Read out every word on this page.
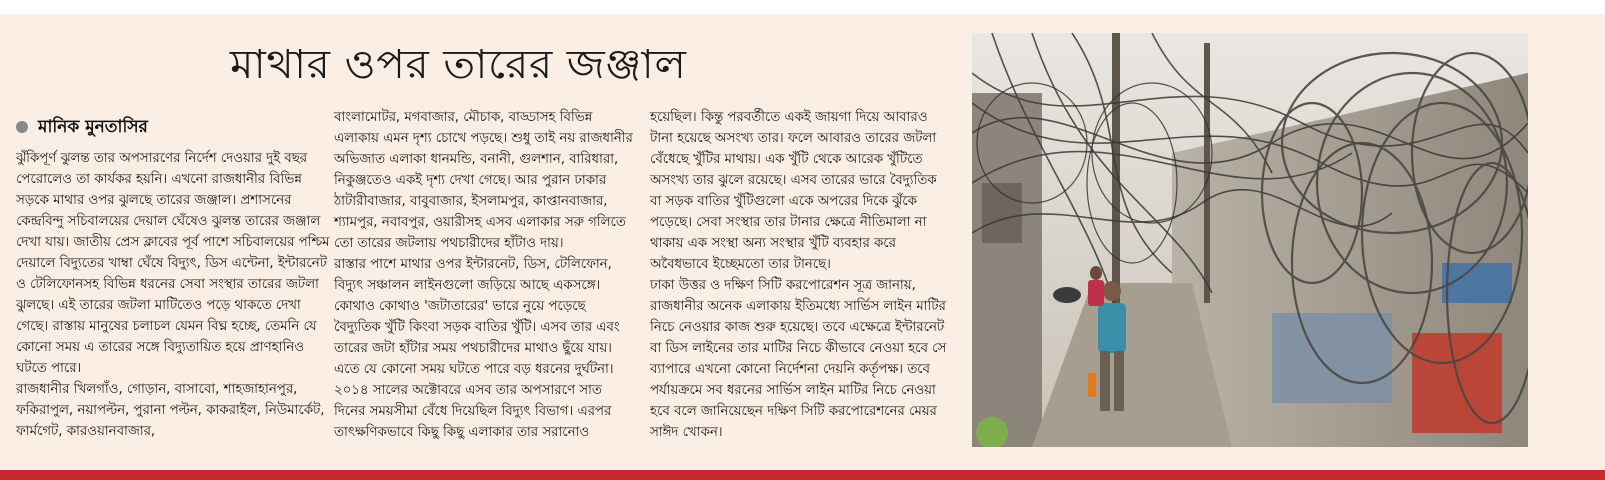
মাথার ওপর তারের জঞ্জাল
মানিক মুনতাসির

ঝুঁকিপূর্ণ ঝুলন্ত তার অপসারণের নির্দেশ দেওয়ার দুই বছর পেরোলেও তা কার্যকর হয়নি। এখনো রাজধানীর বিভিন্ন সড়কে মাথার ওপর ঝুলছে তারের জঞ্জাল। প্রশাসনের কেন্দ্রবিন্দু সচিবালয়ের দেয়াল ঘেঁষেও ঝুলন্ত তারের জঞ্জাল দেখা যায়। জাতীয় প্রেস ক্লাবের পূর্ব পাশে সচিবালয়ের পশ্চিম দেয়ালে বিদ্যুতের খাম্বা ঘেঁষে বিদ্যুৎ, ডিস এন্টেনা, ইন্টারনেট ও টেলিফোনসহ বিভিন্ন ধরনের সেবা সংস্থার তারের জটলা ঝুলছে। এই তারের জটলা মাটিতেও পড়ে থাকতে দেখা গেছে। রাস্তায় মানুষের চলাচল যেমন বিঘ্ন হচ্ছে, তেমনি যে কোনো সময় এ তারের সঙ্গে বিদ্যুতায়িত হয়ে প্রাণহানিও ঘটতে পারে।

রাজধানীর খিলগাঁও, গোড়ান, বাসাবো, শাহজাহানপুর, ফকিরাপুল, নয়াপল্টন, পুরানা পল্টন, কাকরাইল, নিউমার্কেট, ফার্মগেট, কারওয়ানবাজার,

বাংলামোটর, মগবাজার, মৌচাক, বাড্ডাসহ বিভিন্ন এলাকায় এমন দৃশ্য চোখে পড়ছে। শুধু তাই নয় রাজধানীর অভিজাত এলাকা ধানমন্ডি, বনানী, গুলশান, বারিধারা, নিকুঞ্জতেও একই দৃশ্য দেখা গেছে। আর পুরান ঢাকার ঠাটারীবাজার, বাবুবাজার, ইসলামপুর, কাপ্তানবাজার, শ্যামপুর, নবাবপুর, ওয়ারীসহ এসব এলাকার সরু গলিতে তো তারের জটলায় পথচারীদের হাঁটাও দায়।

রাস্তার পাশে মাথার ওপর ইন্টারনেট, ডিস, টেলিফোন, বিদ্যুৎ সঞ্চালন লাইনগুলো জড়িয়ে আছে একসঙ্গে। কোথাও কোথাও 'জটাতারের' ভারে নুয়ে পড়েছে বৈদ্যুতিক খুঁটি কিংবা সড়ক বাতির খুঁটি। এসব তার এবং তারের জটা হাঁটার সময় পথচারীদের মাথাও ছুঁয়ে যায়। এতে যে কোনো সময় ঘটতে পারে বড় ধরনের দুর্ঘটনা। ২০১৪ সালের অক্টোবরে এসব তার অপসারণে সাত দিনের সময়সীমা বেঁধে দিয়েছিল বিদ্যুৎ বিভাগ। এরপর তাৎক্ষণিকভাবে কিছু কিছু এলাকার তার সরানোও

হয়েছিল। কিন্তু পরবর্তীতে একই জায়গা দিয়ে আবারও টানা হয়েছে অসংখ্য তার। ফলে আবারও তারের জটলা বেঁধেছে খুঁটির মাথায়। এক খুঁটি থেকে আরেক খুঁটিতে অসংখ্য তার ঝুলে রয়েছে। এসব তারের ভারে বৈদ্যুতিক বা সড়ক বাতির খুঁটিগুলো একে অপরের দিকে ঝুঁকে পড়েছে। সেবা সংস্থার তার টানার ক্ষেত্রে নীতিমালা না থাকায় এক সংস্থা অন্য সংস্থার খুঁটি ব্যবহার করে অবৈধভাবে ইচ্ছেমতো তার টানছে।

ঢাকা উত্তর ও দক্ষিণ সিটি করপোরেশন সূত্র জানায়, রাজধানীর অনেক এলাকায় ইতিমধ্যে সার্ভিস লাইন মাটির নিচে নেওয়ার কাজ শুরু হয়েছে। তবে এক্ষেত্রে ইন্টারনেট বা ডিস লাইনের তার মাটির নিচে কীভাবে নেওয়া হবে সে ব্যাপারে এখনো কোনো নির্দেশনা দেয়নি কর্তৃপক্ষ। তবে পর্যায়ক্রমে সব ধরনের সার্ভিস লাইন মাটির নিচে নেওয়া হবে বলে জানিয়েছেন দক্ষিণ সিটি করপোরেশনের মেয়র সাঈদ খোকন।
